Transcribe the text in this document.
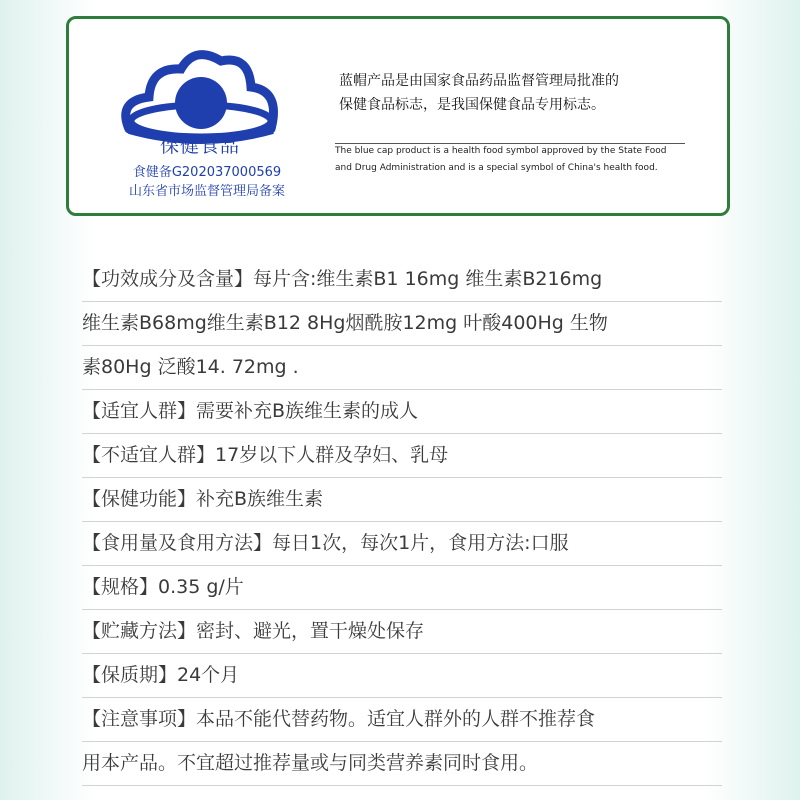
保健食品
食健备G202037000569
山东省市场监督管理局备案
蓝帽产品是由国家食品药品监督管理局批准的
保健食品标志，是我国保健食品专用标志。
The blue cap product is a health food symbol approved by the State Food
and Drug Administration and is a special symbol of China's health food.
【功效成分及含量】每片含:维生素B1 16mg 维生素B216mg
维生素B68mg维生素B12 8Hg烟酰胺12mg 叶酸400Hg 生物
素80Hg 泛酸14. 72mg .
【适宜人群】需要补充B族维生素的成人
【不适宜人群】17岁以下人群及孕妇、乳母
【保健功能】补充B族维生素
【食用量及食用方法】每日1次，每次1片，食用方法:口服
【规格】0.35 g/片
【贮藏方法】密封、避光，置干燥处保存
【保质期】24个月
【注意事项】本品不能代替药物。适宜人群外的人群不推荐食
用本产品。不宜超过推荐量或与同类营养素同时食用。
